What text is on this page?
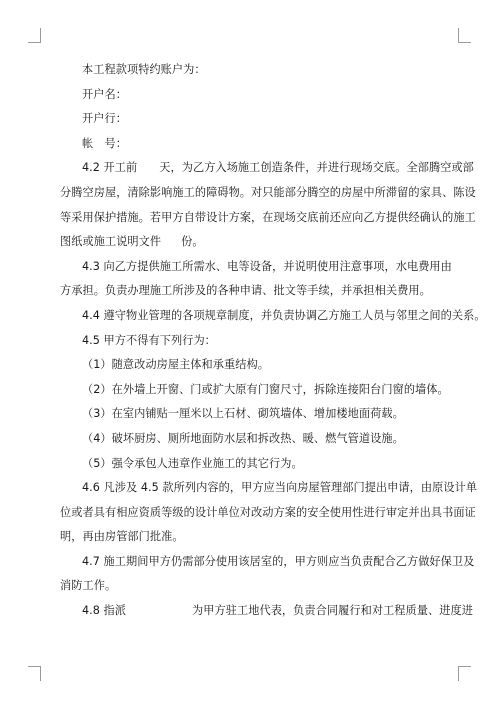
本工程款项特约账户为：
开户名：
开户行：
帐　号：
4.2 开工前 天，为乙方入场施工创造条件，并进行现场交底。全部腾空或部
分腾空房屋，清除影响施工的障碍物。对只能部分腾空的房屋中所滞留的家具、陈设
等采用保护措施。若甲方自带设计方案，在现场交底前还应向乙方提供经确认的施工
图纸或施工说明文件 份。
4.3 向乙方提供施工所需水、电等设备，并说明使用注意事项，水电费用由
方承担。负责办理施工所涉及的各种申请、批文等手续，并承担相关费用。
4.4 遵守物业管理的各项规章制度，并负责协调乙方施工人员与邻里之间的关系。
4.5 甲方不得有下列行为：
（1）随意改动房屋主体和承重结构。
（2）在外墙上开窗、门或扩大原有门窗尺寸，拆除连接阳台门窗的墙体。
（3）在室内铺贴一厘米以上石材、砌筑墙体、增加楼地面荷载。
（4）破坏厨房、厕所地面防水层和拆改热、暖、燃气管道设施。
（5）强令承包人违章作业施工的其它行为。
4.6 凡涉及 4.5 款所列内容的，甲方应当向房屋管理部门提出申请，由原设计单
位或者具有相应资质等级的设计单位对改动方案的安全使用性进行审定并出具书面证
明，再由房管部门批准。
4.7 施工期间甲方仍需部分使用该居室的，甲方则应当负责配合乙方做好保卫及
消防工作。
4.8 指派	为甲方驻工地代表，负责合同履行和对工程质量、进度进
